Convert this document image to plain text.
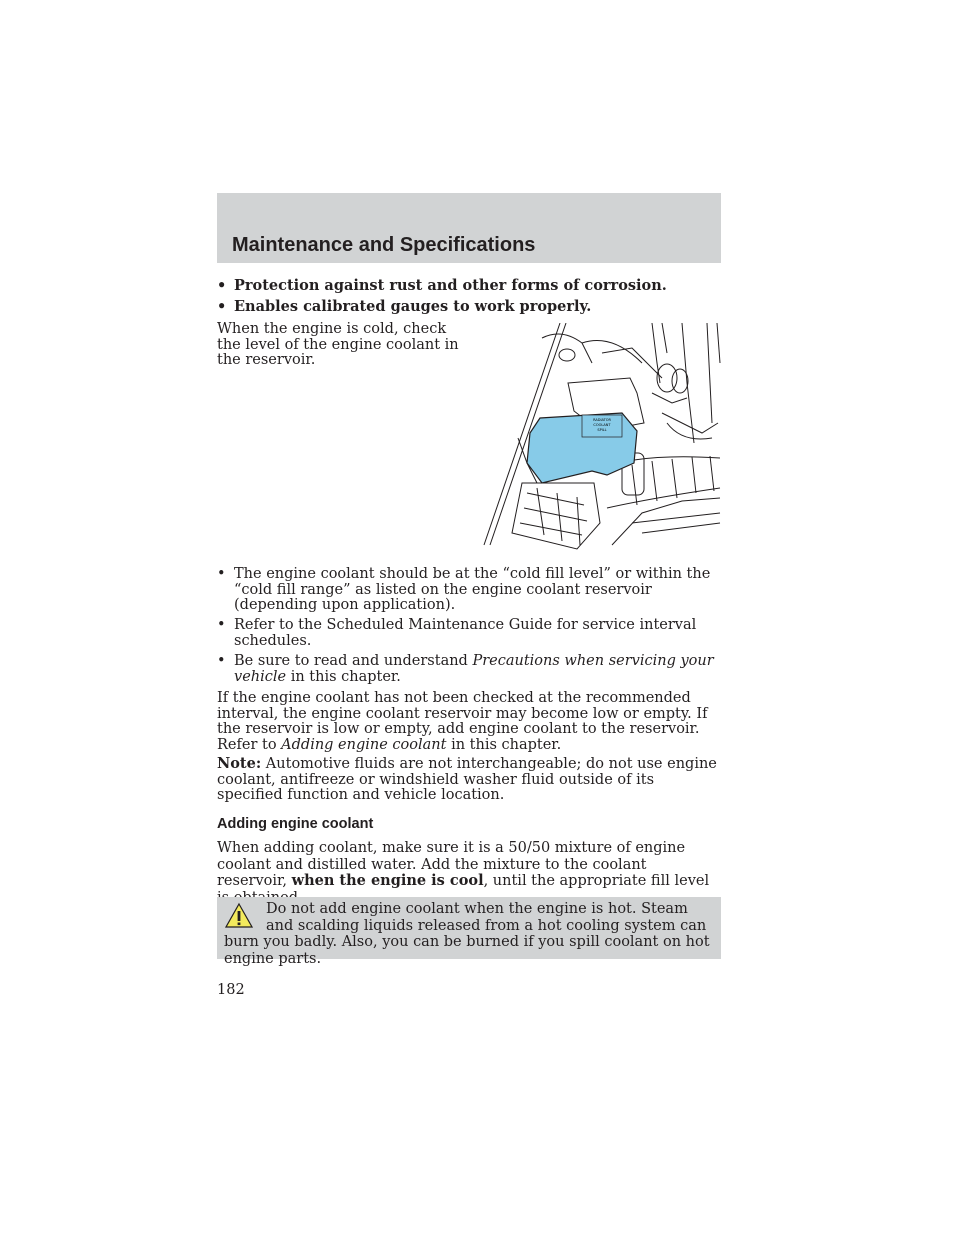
Maintenance and Specifications
• Protection against rust and other forms of corrosion.
• Enables calibrated gauges to work properly.

When the engine is cold, check the level of the engine coolant in the reservoir.

RADIATOR
COOLANT
SPILL
• The engine coolant should be at the “cold fill level” or within the “cold fill range” as listed on the engine coolant reservoir (depending upon application).
• Refer to the Scheduled Maintenance Guide for service interval schedules.
• Be sure to read and understand Precautions when servicing your vehicle in this chapter.

If the engine coolant has not been checked at the recommended interval, the engine coolant reservoir may become low or empty. If the reservoir is low or empty, add engine coolant to the reservoir. Refer to Adding engine coolant in this chapter.

Note: Automotive fluids are not interchangeable; do not use engine coolant, antifreeze or windshield washer fluid outside of its specified function and vehicle location.

Adding engine coolant

When adding coolant, make sure it is a 50/50 mixture of engine coolant and distilled water. Add the mixture to the coolant reservoir, when the engine is cool, until the appropriate fill level

Do not add engine coolant when the engine is hot. Steam and scalding liquids released from a hot cooling system can burn you badly. Also, you can be burned if you spill coolant on hot engine parts.

182
